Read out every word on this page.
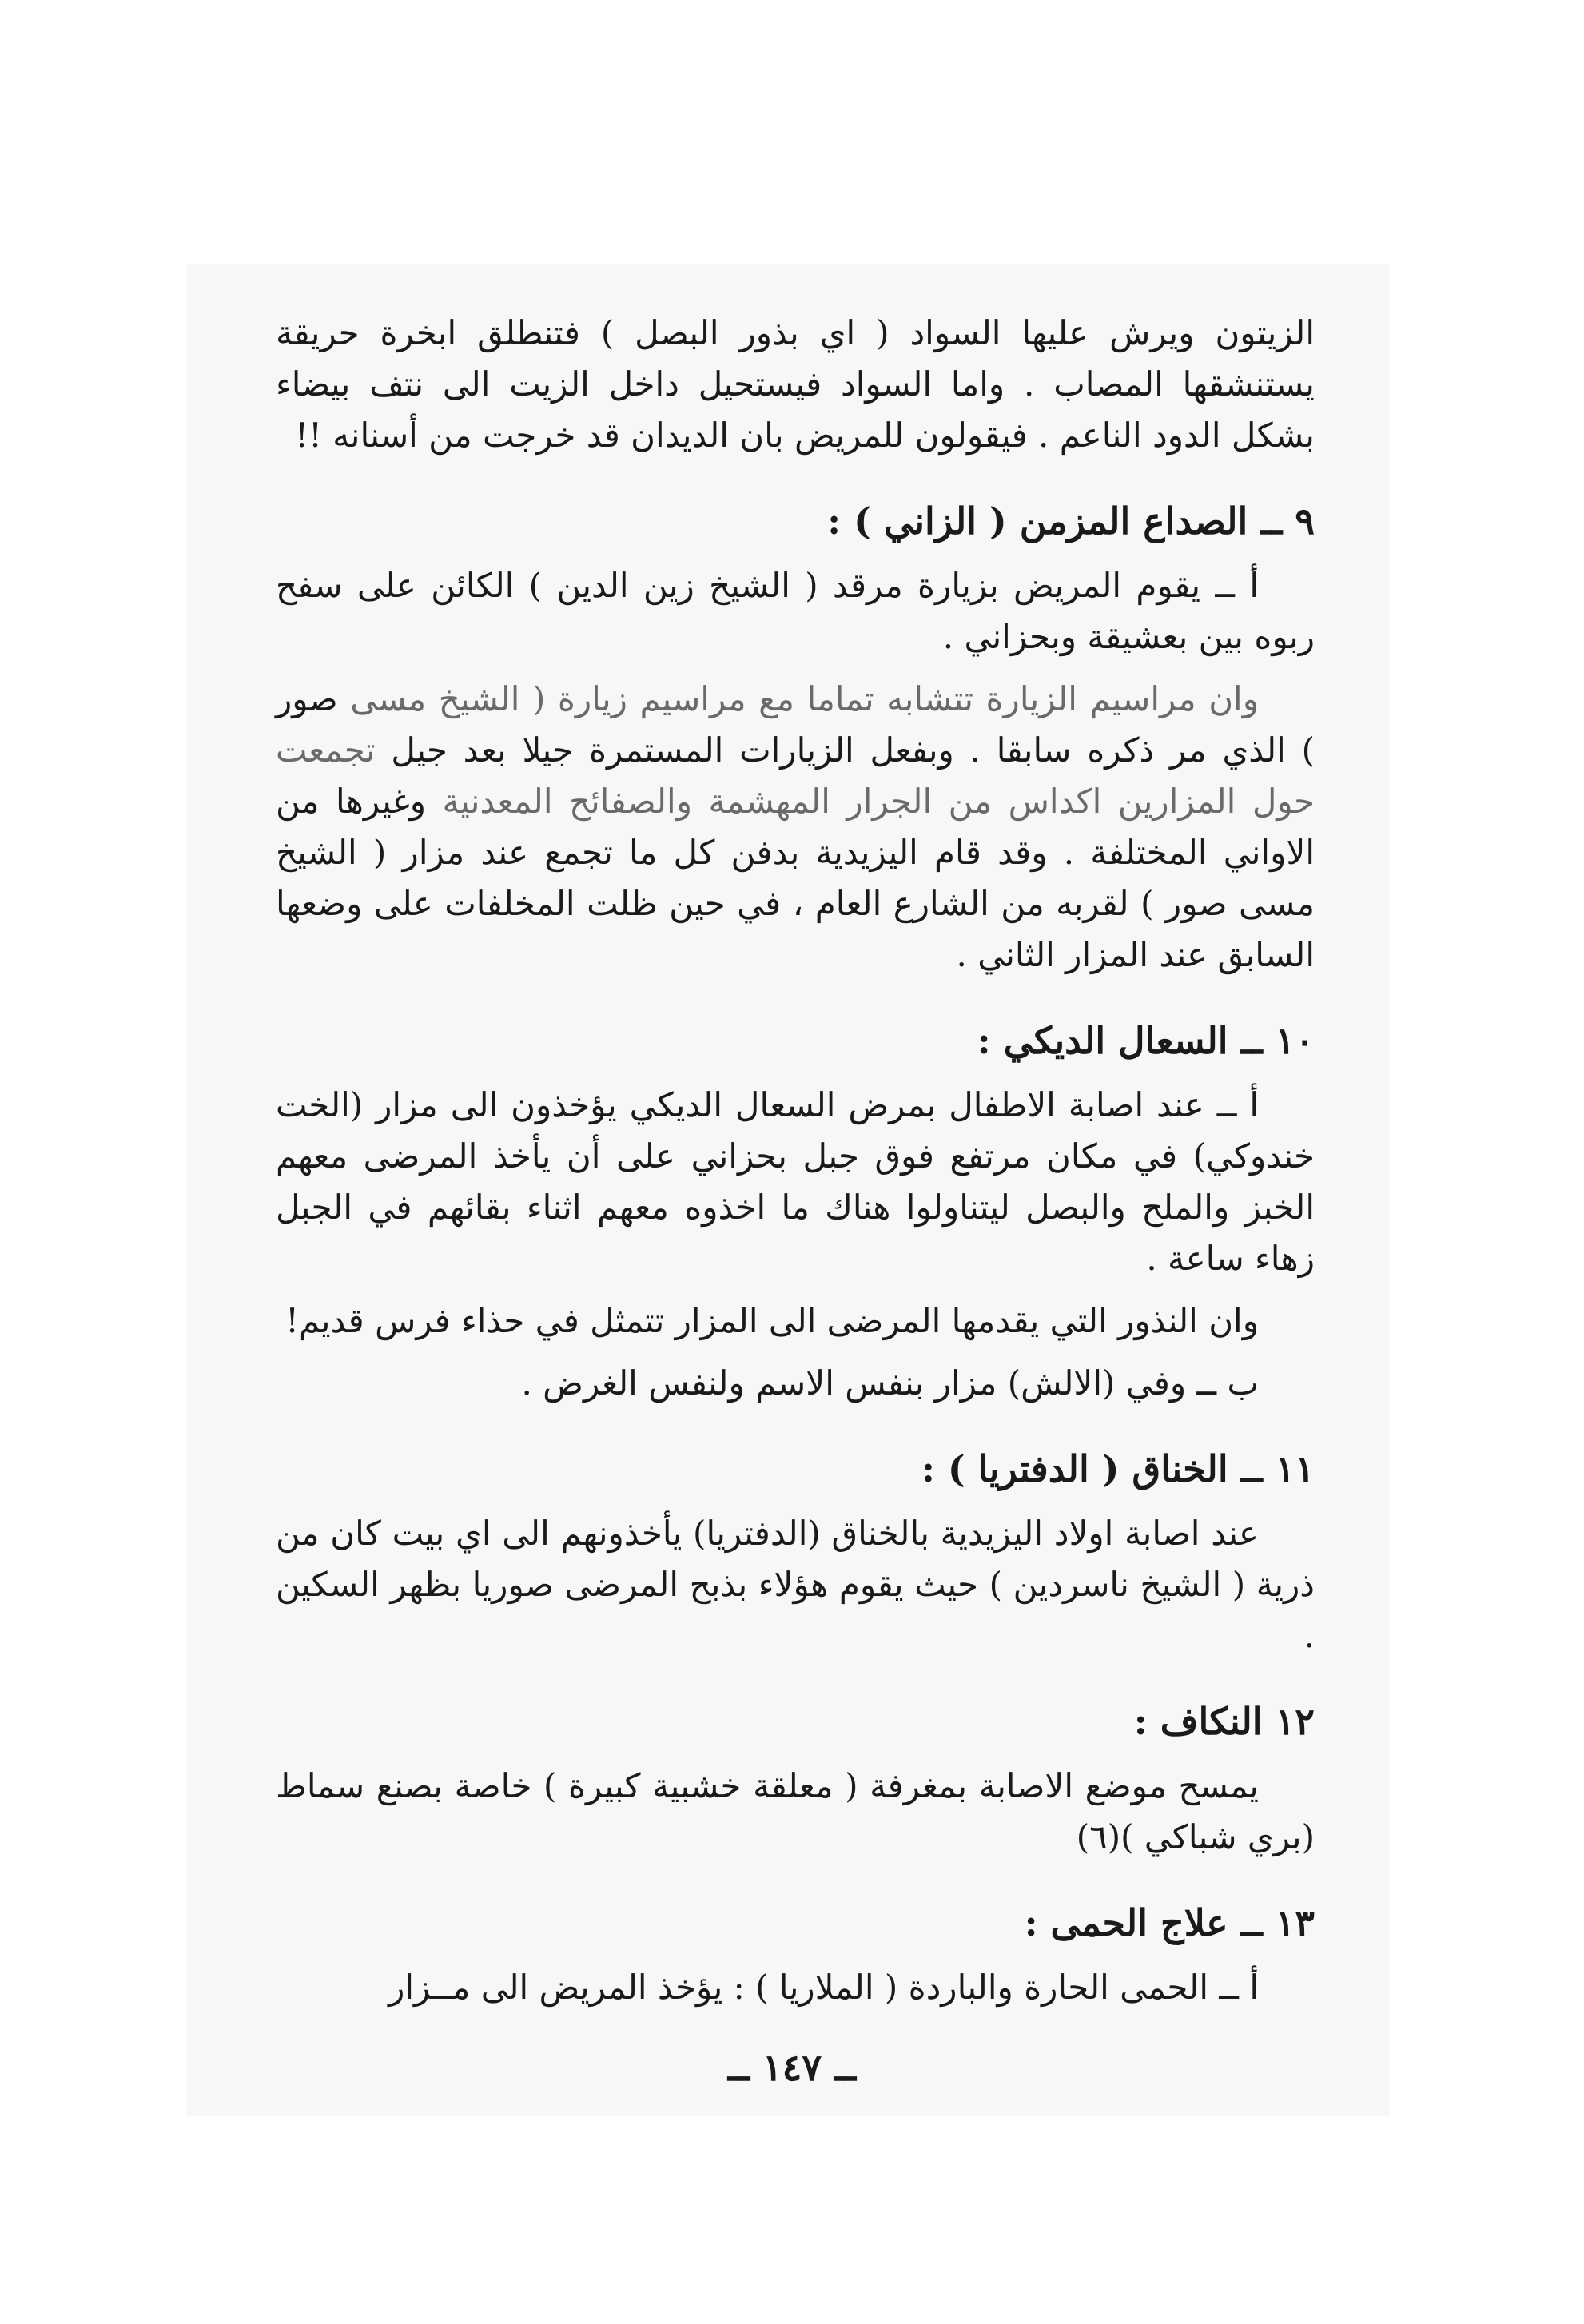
الزيتون ويرش عليها السواد ( اي بذور البصل ) فتنطلق ابخرة حريقة يستنشقها المصاب . واما السواد فيستحيل داخل الزيت الى نتف بيضاء بشكل الدود الناعم . فيقولون للمريض بان الديدان قد خرجت من أسنانه !!

٩ ــ الصداع المزمن ( الزاني ) :

أ ــ يقوم المريض بزيارة مرقد ( الشيخ زين الدين ) الكائن على سفح ربوه بين بعشيقة وبحزاني .

وان مراسيم الزيارة تتشابه تماما مع مراسيم زيارة ( الشيخ مسى صور ) الذي مر ذكره سابقا . وبفعل الزيارات المستمرة جيلا بعد جيل تجمعت حول المزارين اكداس من الجرار المهشمة والصفائح المعدنية وغيرها من الاواني المختلفة . وقد قام اليزيدية بدفن كل ما تجمع عند مزار ( الشيخ مسى صور ) لقربه من الشارع العام ، في حين ظلت المخلفات على وضعها السابق عند المزار الثاني .

١٠ ــ السعال الديكي :

أ ــ عند اصابة الاطفال بمرض السعال الديكي يؤخذون الى مزار (الخت خندوكي) في مكان مرتفع فوق جبل بحزاني على أن يأخذ المرضى معهم الخبز والملح والبصل ليتناولوا هناك ما اخذوه معهم اثناء بقائهم في الجبل زهاء ساعة .

وان النذور التي يقدمها المرضى الى المزار تتمثل في حذاء فرس قديم!

ب ــ وفي (الالش) مزار بنفس الاسم ولنفس الغرض .

١١ ــ الخناق ( الدفتريا ) :

عند اصابة اولاد اليزيدية بالخناق (الدفتريا) يأخذونهم الى اي بيت كان من ذرية ( الشيخ ناسردين ) حيث يقوم هؤلاء بذبح المرضى صوريا بظهر السكين .

١٢ النكاف :

يمسح موضع الاصابة بمغرفة ( معلقة خشبية كبيرة ) خاصة بصنع سماط (بري شباكي )(٦)

١٣ ــ علاج الحمى :

أ ــ الحمى الحارة والباردة ( الملاريا ) : يؤخذ المريض الى مــزار

ــ ١٤٧ ــ
